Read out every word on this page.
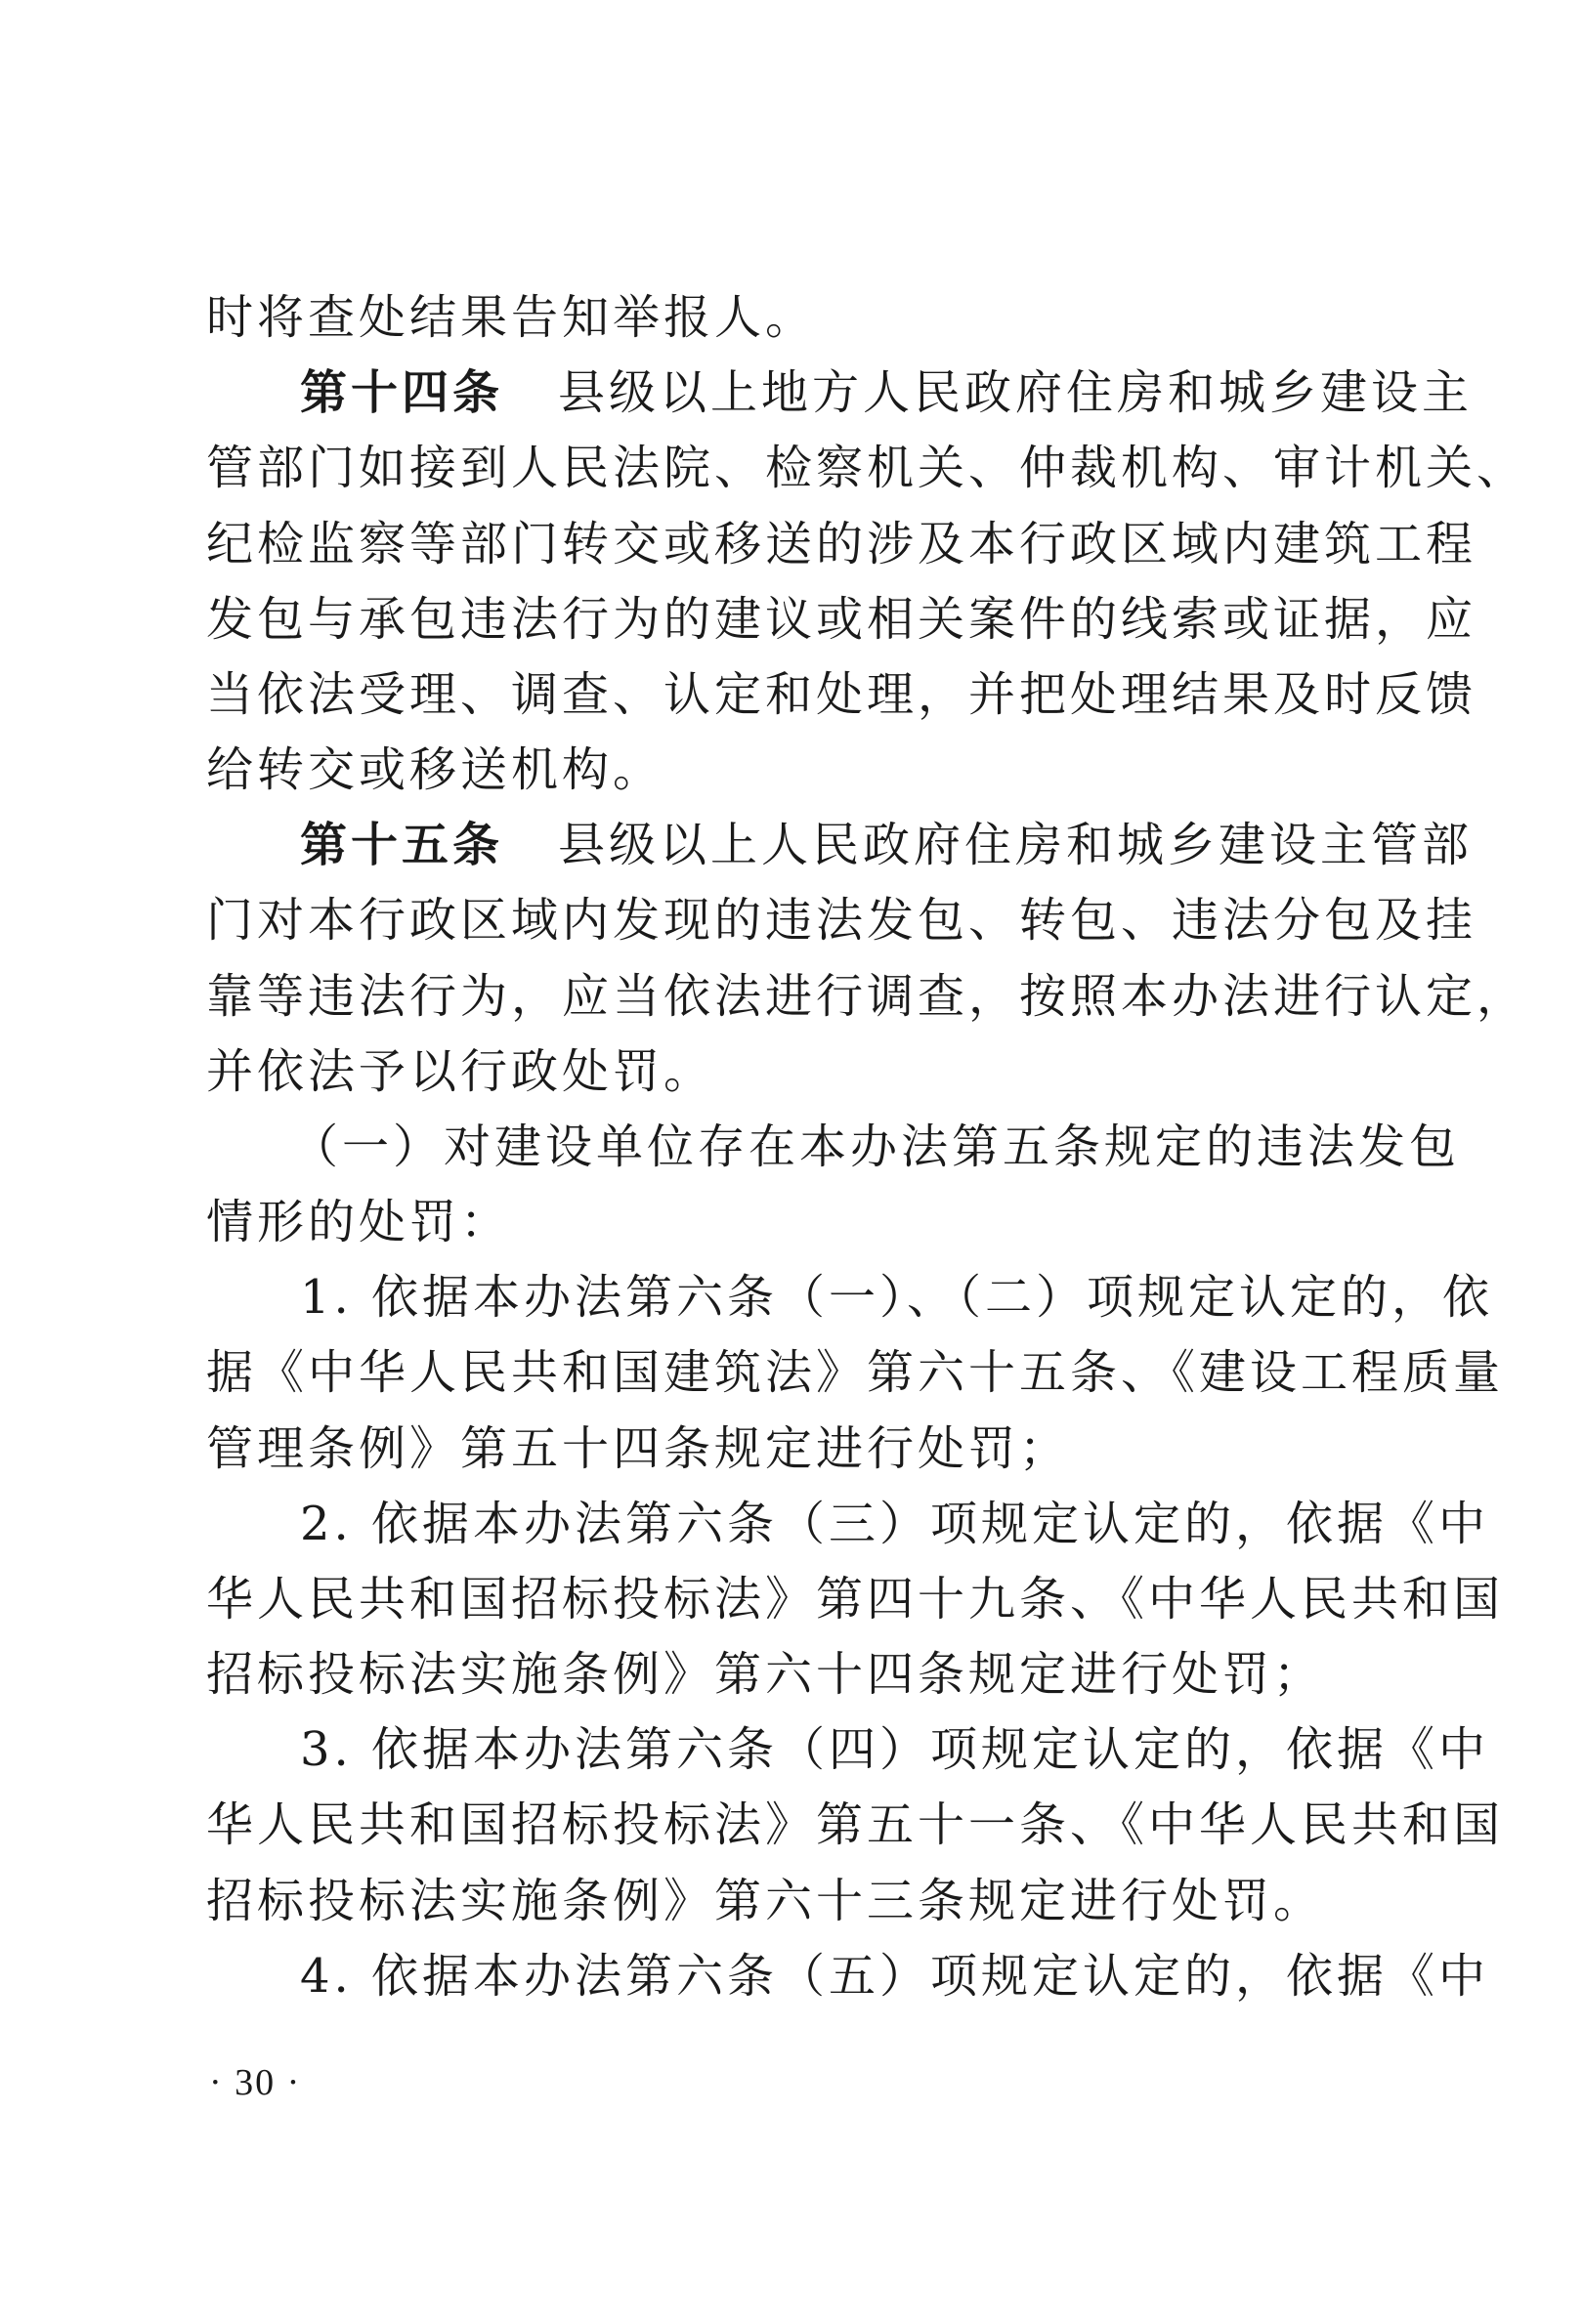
时将查处结果告知举报人。
第十四条 县级以上地方人民政府住房和城乡建设主
管部门如接到人民法院、检察机关、仲裁机构、审计机关、
纪检监察等部门转交或移送的涉及本行政区域内建筑工程
发包与承包违法行为的建议或相关案件的线索或证据，应
当依法受理、调查、认定和处理，并把处理结果及时反馈
给转交或移送机构。
第十五条 县级以上人民政府住房和城乡建设主管部
门对本行政区域内发现的违法发包、转包、违法分包及挂
靠等违法行为，应当依法进行调查，按照本办法进行认定，
并依法予以行政处罚。
（一）对建设单位存在本办法第五条规定的违法发包
情形的处罚：
1. 依据本办法第六条（一）、（二）项规定认定的，依
据《中华人民共和国建筑法》第六十五条、《建设工程质量
管理条例》第五十四条规定进行处罚；
2. 依据本办法第六条（三）项规定认定的，依据《中
华人民共和国招标投标法》第四十九条、《中华人民共和国
招标投标法实施条例》第六十四条规定进行处罚；
3. 依据本办法第六条（四）项规定认定的，依据《中
华人民共和国招标投标法》第五十一条、《中华人民共和国
招标投标法实施条例》第六十三条规定进行处罚。
4. 依据本办法第六条（五）项规定认定的，依据《中
· 30 ·
